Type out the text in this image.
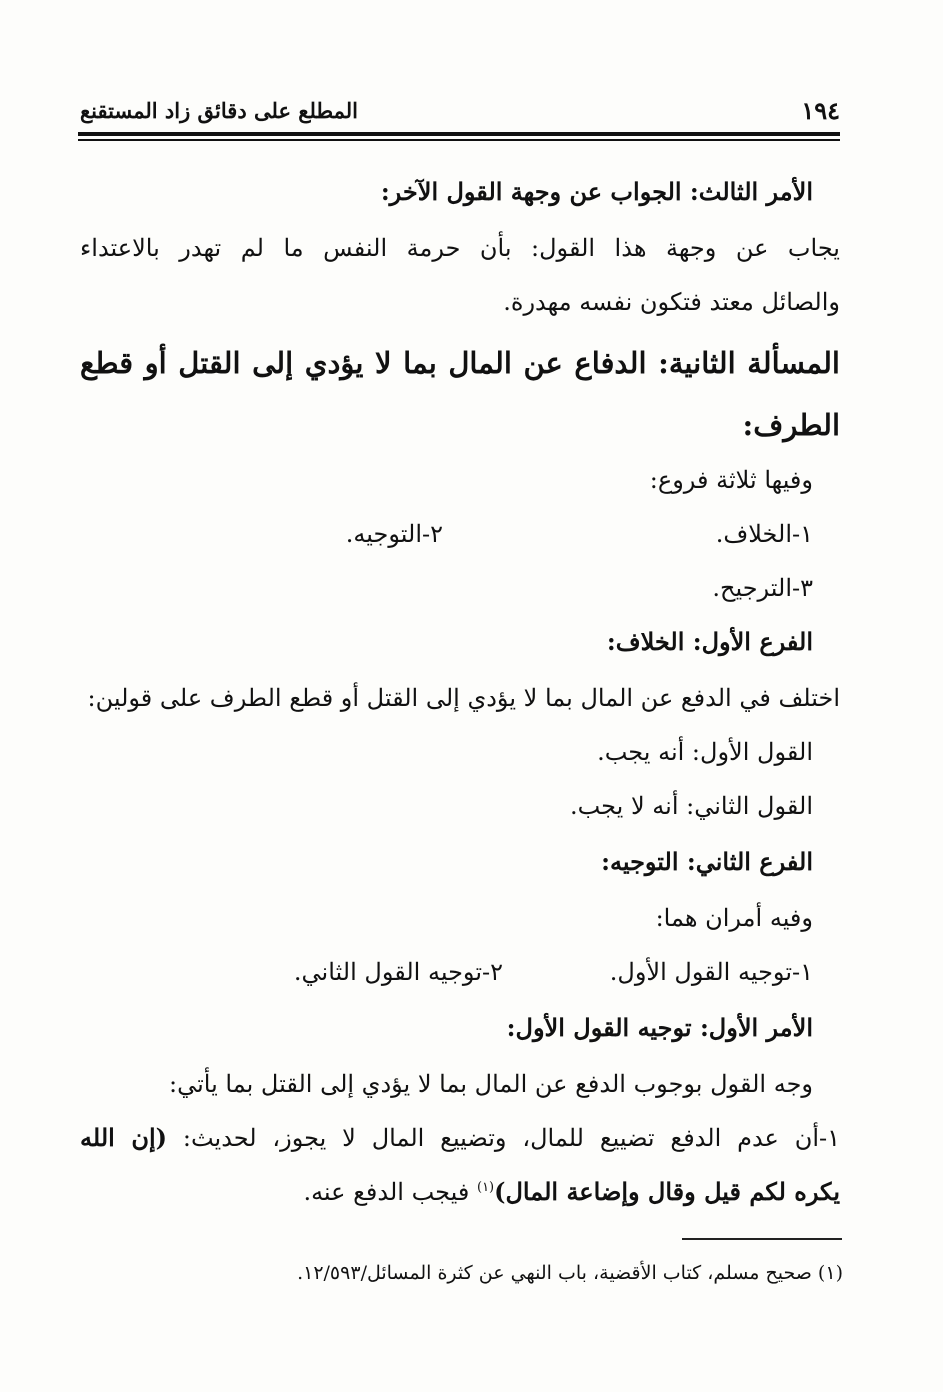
١٩٤
المطلع على دقائق زاد المستقنع
الأمر الثالث: الجواب عن وجهة القول الآخر:
يجاب عن وجهة هذا القول: بأن حرمة النفس ما لم تهدر بالاعتداء
والصائل معتد فتكون نفسه مهدرة.
المسألة الثانية: الدفاع عن المال بما لا يؤدي إلى القتل أو قطع
الطرف:
وفيها ثلاثة فروع:
١-الخلاف.
٢-التوجيه.
٣-الترجيح.
الفرع الأول: الخلاف:
اختلف في الدفع عن المال بما لا يؤدي إلى القتل أو قطع الطرف على قولين:
القول الأول: أنه يجب.
القول الثاني: أنه لا يجب.
الفرع الثاني: التوجيه:
وفيه أمران هما:
١-توجيه القول الأول.
٢-توجيه القول الثاني.
الأمر الأول: توجيه القول الأول:
وجه القول بوجوب الدفع عن المال بما لا يؤدي إلى القتل بما يأتي:
١-أن عدم الدفع تضييع للمال، وتضييع المال لا يجوز، لحديث: (إن الله
يكره لكم قيل وقال وإضاعة المال)$^{(١)}$ فيجب الدفع عنه.
(١) صحيح مسلم، كتاب الأقضية، باب النهي عن كثرة المسائل/١٢/٥٩٣.
